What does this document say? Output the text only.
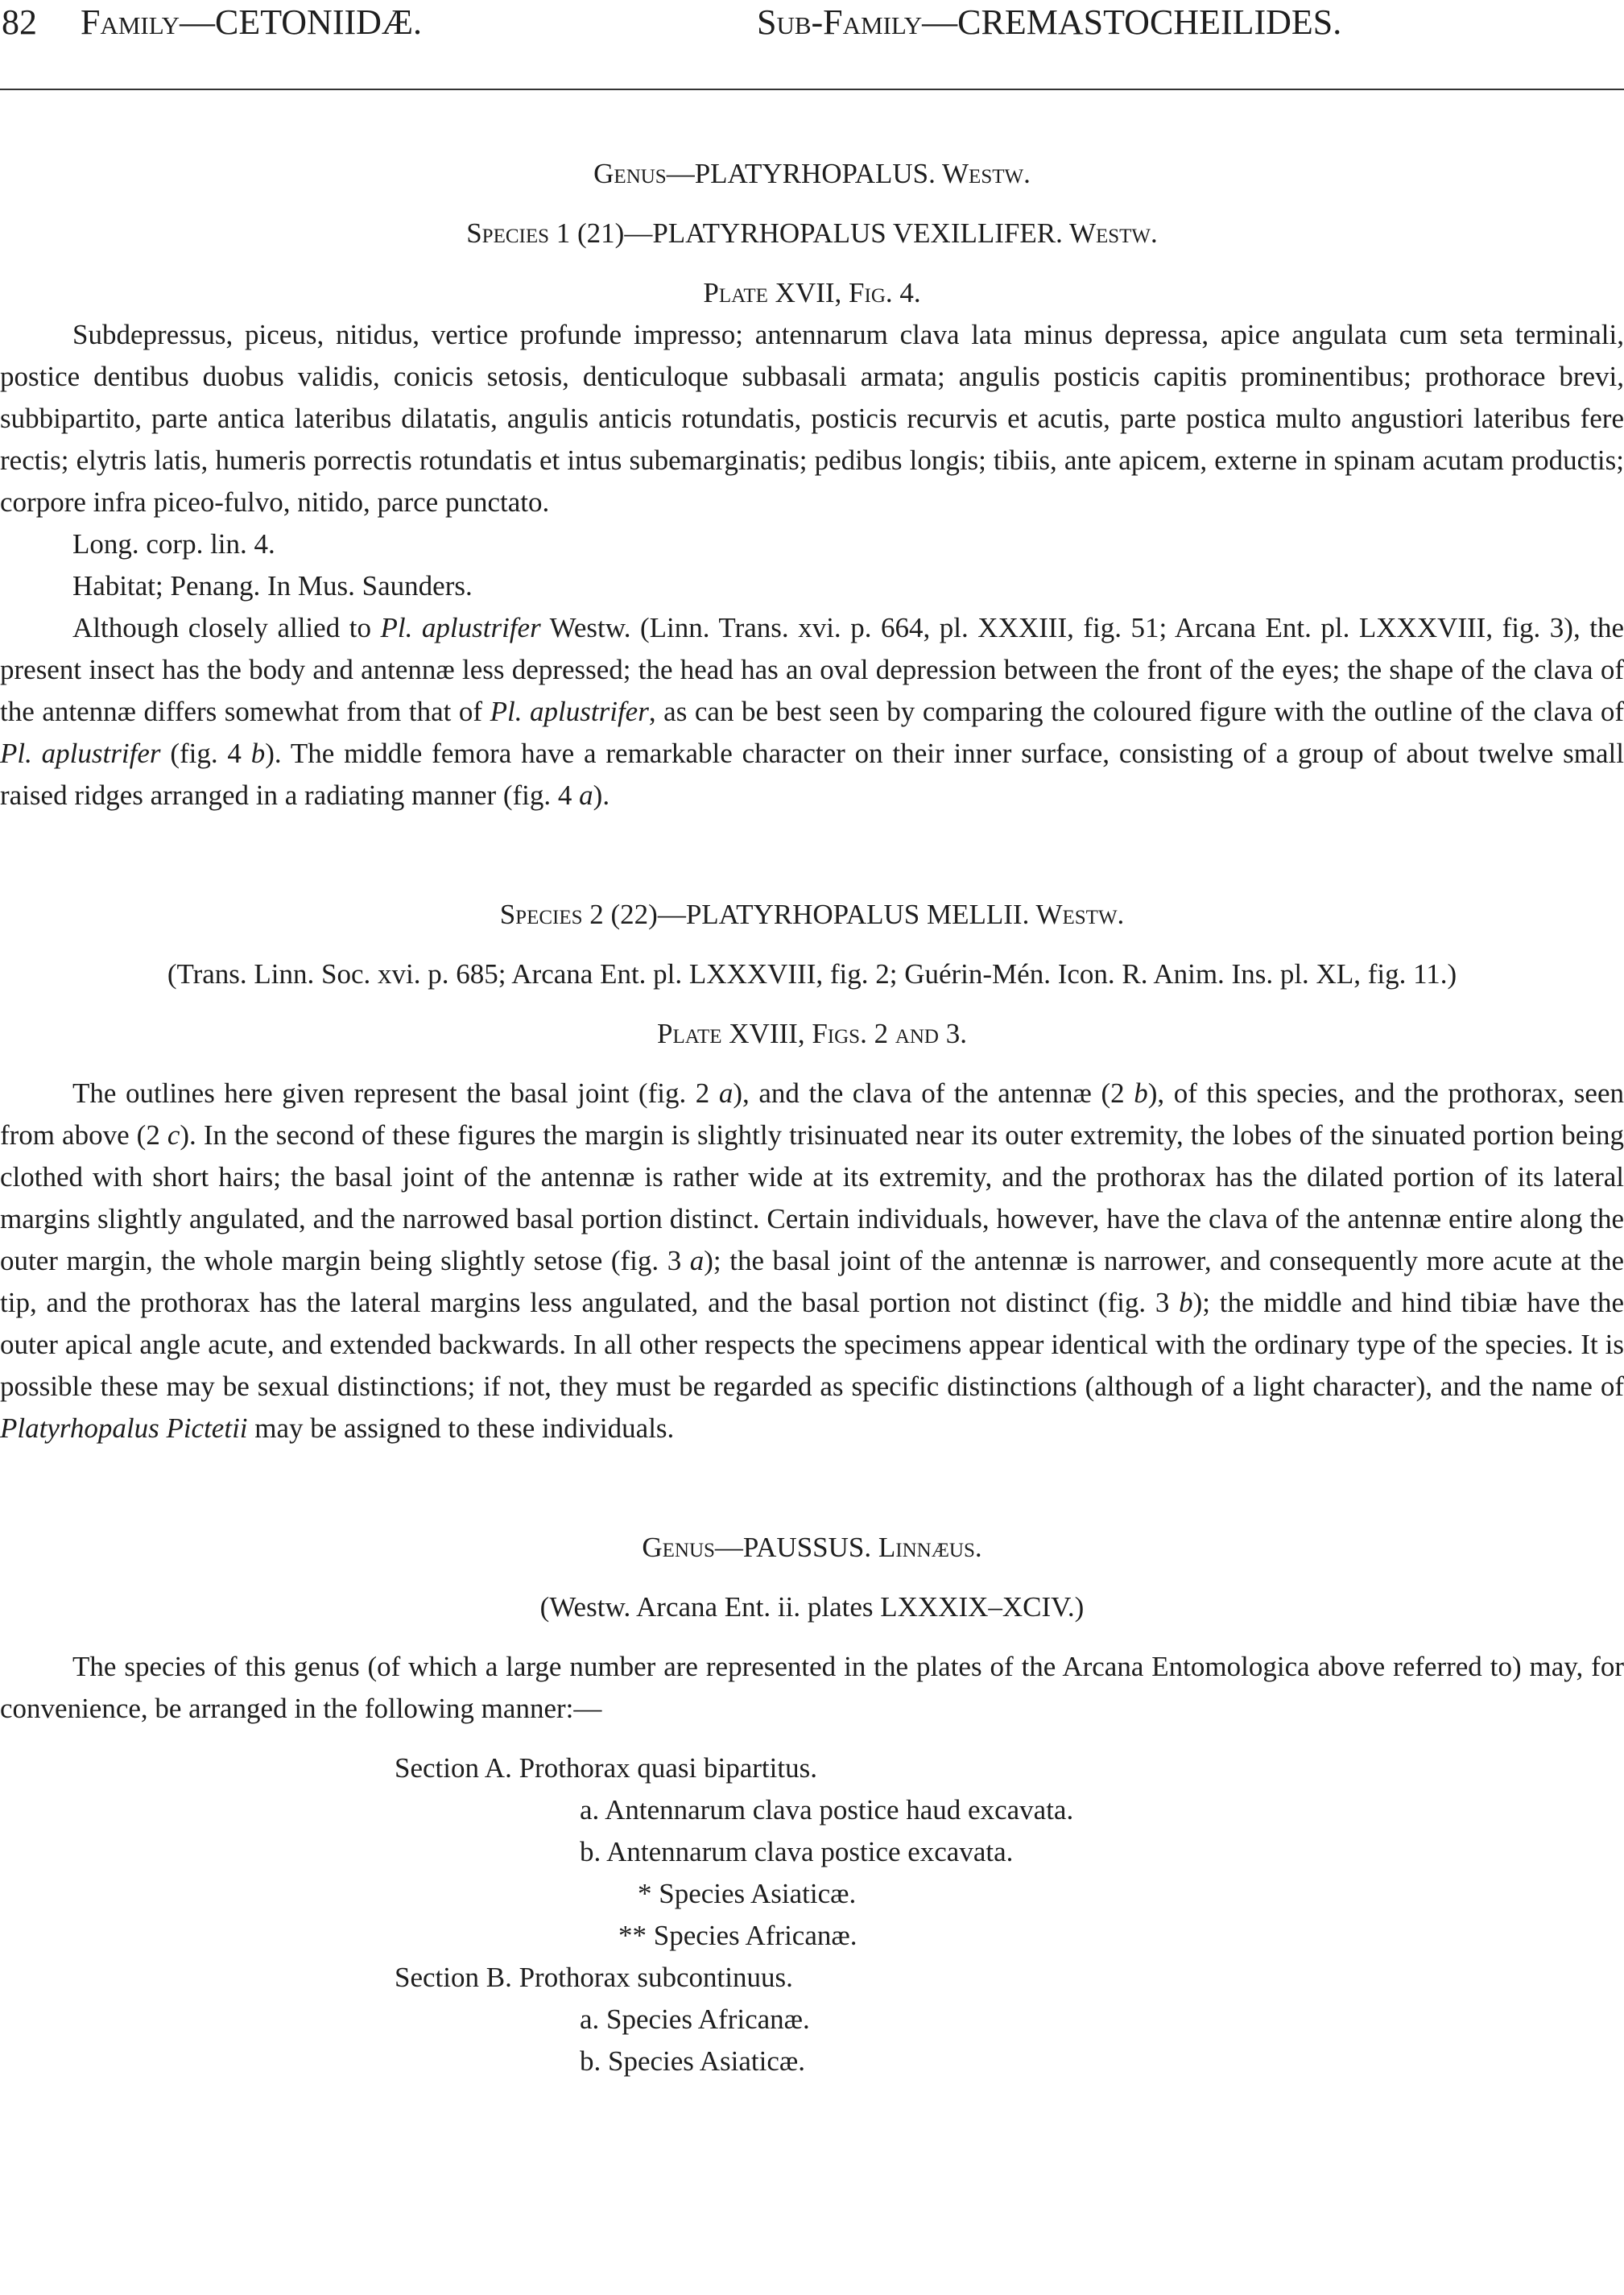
82 Family—CETONIIDÆ.	Sub-Family—CREMASTOCHEILIDES.

Genus—PLATYRHOPALUS. Westw.

Species 1 (21)—PLATYRHOPALUS VEXILLIFER. Westw.

Plate XVII, Fig. 4.

Subdepressus, piceus, nitidus, vertice profunde impresso; antennarum clava lata minus depressa, apice angulata cum seta terminali, postice dentibus duobus validis, conicis setosis, denticuloque subbasali armata; angulis posticis capitis prominentibus; prothorace brevi, subbipartito, parte antica lateribus dilatatis, angulis anticis rotundatis, posticis recurvis et acutis, parte postica multo angustiori lateribus fere rectis; elytris latis, humeris porrectis rotundatis et intus subemarginatis; pedibus longis; tibiis, ante apicem, externe in spinam acutam productis; corpore infra piceo-fulvo, nitido, parce punctato.

Long. corp. lin. 4.

Habitat; Penang. In Mus. Saunders.

Although closely allied to Pl. aplustrifer Westw. (Linn. Trans. xvi. p. 664, pl. XXXIII, fig. 51; Arcana Ent. pl. LXXXVIII, fig. 3), the present insect has the body and antennæ less depressed; the head has an oval depression between the front of the eyes; the shape of the clava of the antennæ differs somewhat from that of Pl. aplustrifer, as can be best seen by comparing the coloured figure with the outline of the clava of Pl. aplustrifer (fig. 4 b). The middle femora have a remarkable character on their inner surface, consisting of a group of about twelve small raised ridges arranged in a radiating manner (fig. 4 a).

Species 2 (22)—PLATYRHOPALUS MELLII. Westw.

(Trans. Linn. Soc. xvi. p. 685; Arcana Ent. pl. LXXXVIII, fig. 2; Guérin-Mén. Icon. R. Anim. Ins. pl. XL, fig. 11.)

Plate XVIII, Figs. 2 and 3.

The outlines here given represent the basal joint (fig. 2 a), and the clava of the antennæ (2 b), of this species, and the prothorax, seen from above (2 c). In the second of these figures the margin is slightly trisinuated near its outer extremity, the lobes of the sinuated portion being clothed with short hairs; the basal joint of the antennæ is rather wide at its extremity, and the prothorax has the dilated portion of its lateral margins slightly angulated, and the narrowed basal portion distinct. Certain individuals, however, have the clava of the antennæ entire along the outer margin, the whole margin being slightly setose (fig. 3 a); the basal joint of the antennæ is narrower, and consequently more acute at the tip, and the prothorax has the lateral margins less angulated, and the basal portion not distinct (fig. 3 b); the middle and hind tibiæ have the outer apical angle acute, and extended backwards. In all other respects the specimens appear identical with the ordinary type of the species. It is possible these may be sexual distinctions; if not, they must be regarded as specific distinctions (although of a light character), and the name of Platyrhopalus Pictetii may be assigned to these individuals.

Genus—PAUSSUS. Linnæus.

(Westw. Arcana Ent. ii. plates LXXXIX–XCIV.)

The species of this genus (of which a large number are represented in the plates of the Arcana Entomologica above referred to) may, for convenience, be arranged in the following manner:—

Section A. Prothorax quasi bipartitus.
a. Antennarum clava postice haud excavata.
b. Antennarum clava postice excavata.
* Species Asiaticæ.
** Species Africanæ.
Section B. Prothorax subcontinuus.
a. Species Africanæ.
b. Species Asiaticæ.
